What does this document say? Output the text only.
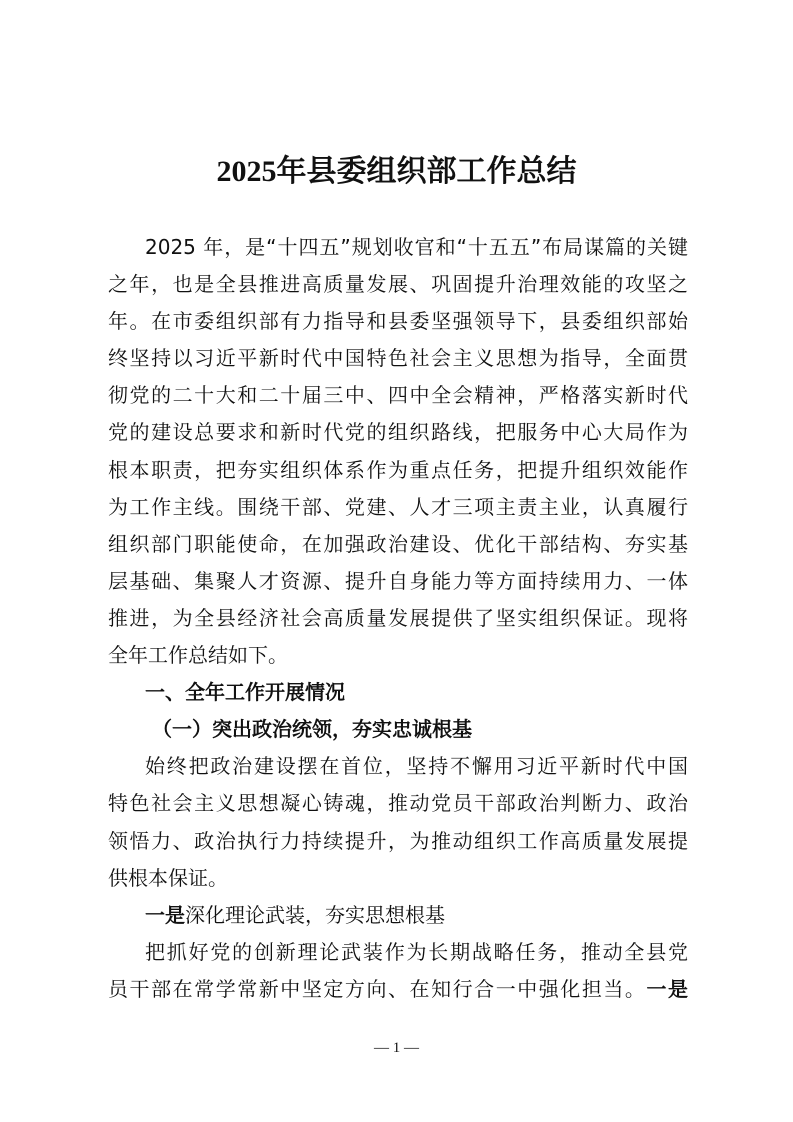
2025年县委组织部工作总结
2025 年，是“十四五”规划收官和“十五五”布局谋篇的关键
之年，也是全县推进高质量发展、巩固提升治理效能的攻坚之
年。在市委组织部有力指导和县委坚强领导下，县委组织部始
终坚持以习近平新时代中国特色社会主义思想为指导，全面贯
彻党的二十大和二十届三中、四中全会精神，严格落实新时代
党的建设总要求和新时代党的组织路线，把服务中心大局作为
根本职责，把夯实组织体系作为重点任务，把提升组织效能作
为工作主线。围绕干部、党建、人才三项主责主业，认真履行
组织部门职能使命，在加强政治建设、优化干部结构、夯实基
层基础、集聚人才资源、提升自身能力等方面持续用力、一体
推进，为全县经济社会高质量发展提供了坚实组织保证。现将
全年工作总结如下。
一、全年工作开展情况
（一）突出政治统领，夯实忠诚根基
始终把政治建设摆在首位，坚持不懈用习近平新时代中国
特色社会主义思想凝心铸魂，推动党员干部政治判断力、政治
领悟力、政治执行力持续提升，为推动组织工作高质量发展提
供根本保证。
一是深化理论武装，夯实思想根基
把抓好党的创新理论武装作为长期战略任务，推动全县党
员干部在常学常新中坚定方向、在知行合一中强化担当。一是
— 1 —
